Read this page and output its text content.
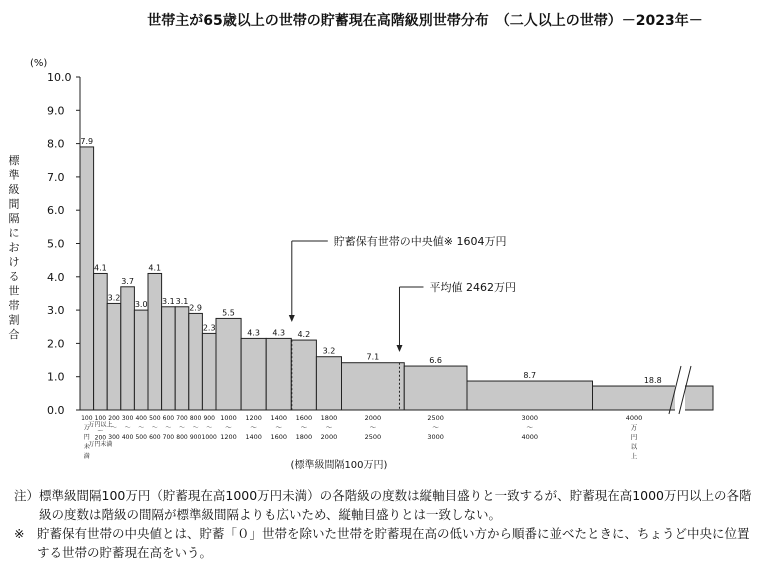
世帯主が65歳以上の世帯の貯蓄現在高階級別世帯分布　（二人以上の世帯）－2023年－
(%)
標
準
級
間
隔
に
お
け
る
世
帯
割
合
0.0
1.0
2.0
3.0
4.0
5.0
6.0
7.0
8.0
9.0
10.0
7.9
4.1
3.2
3.7
3.0
4.1
3.1 3.1
2.9
2.3
5.5
4.3 4.3 4.2
3.2
7.1	6.6
8.7
18.8
100
万
円
未
満
100
万円以上
～
200
万円未満
200
～
300
300
～
400
400
～
500
500
～
600
600
～
700
700
～
800
800
～
900
900
～
1000
1000
～
1200
1200
～
1400
1400
～
1600
1600
～
1800
1800
～
2000
2000
～
2500
2500
～
3000
3000
～
4000
4000
万
円
以
上
貯蓄保有世帯の中央値※ 1604万円
平均値 2462万円
(標準級間隔100万円)
注） 標準級間隔100万円（貯蓄現在高1000万円未満）の各階級の度数は縦軸目盛りと一致するが、貯蓄現在高1000万円以上の各階級の度数は階級の間隔が標準級間隔よりも広いため、縦軸目盛りとは一致しない。
※　 貯蓄保有世帯の中央値とは、貯蓄「０」世帯を除いた世帯を貯蓄現在高の低い方から順番に並べたときに、ちょうど中央に位置する世帯の貯蓄現在高をいう。
